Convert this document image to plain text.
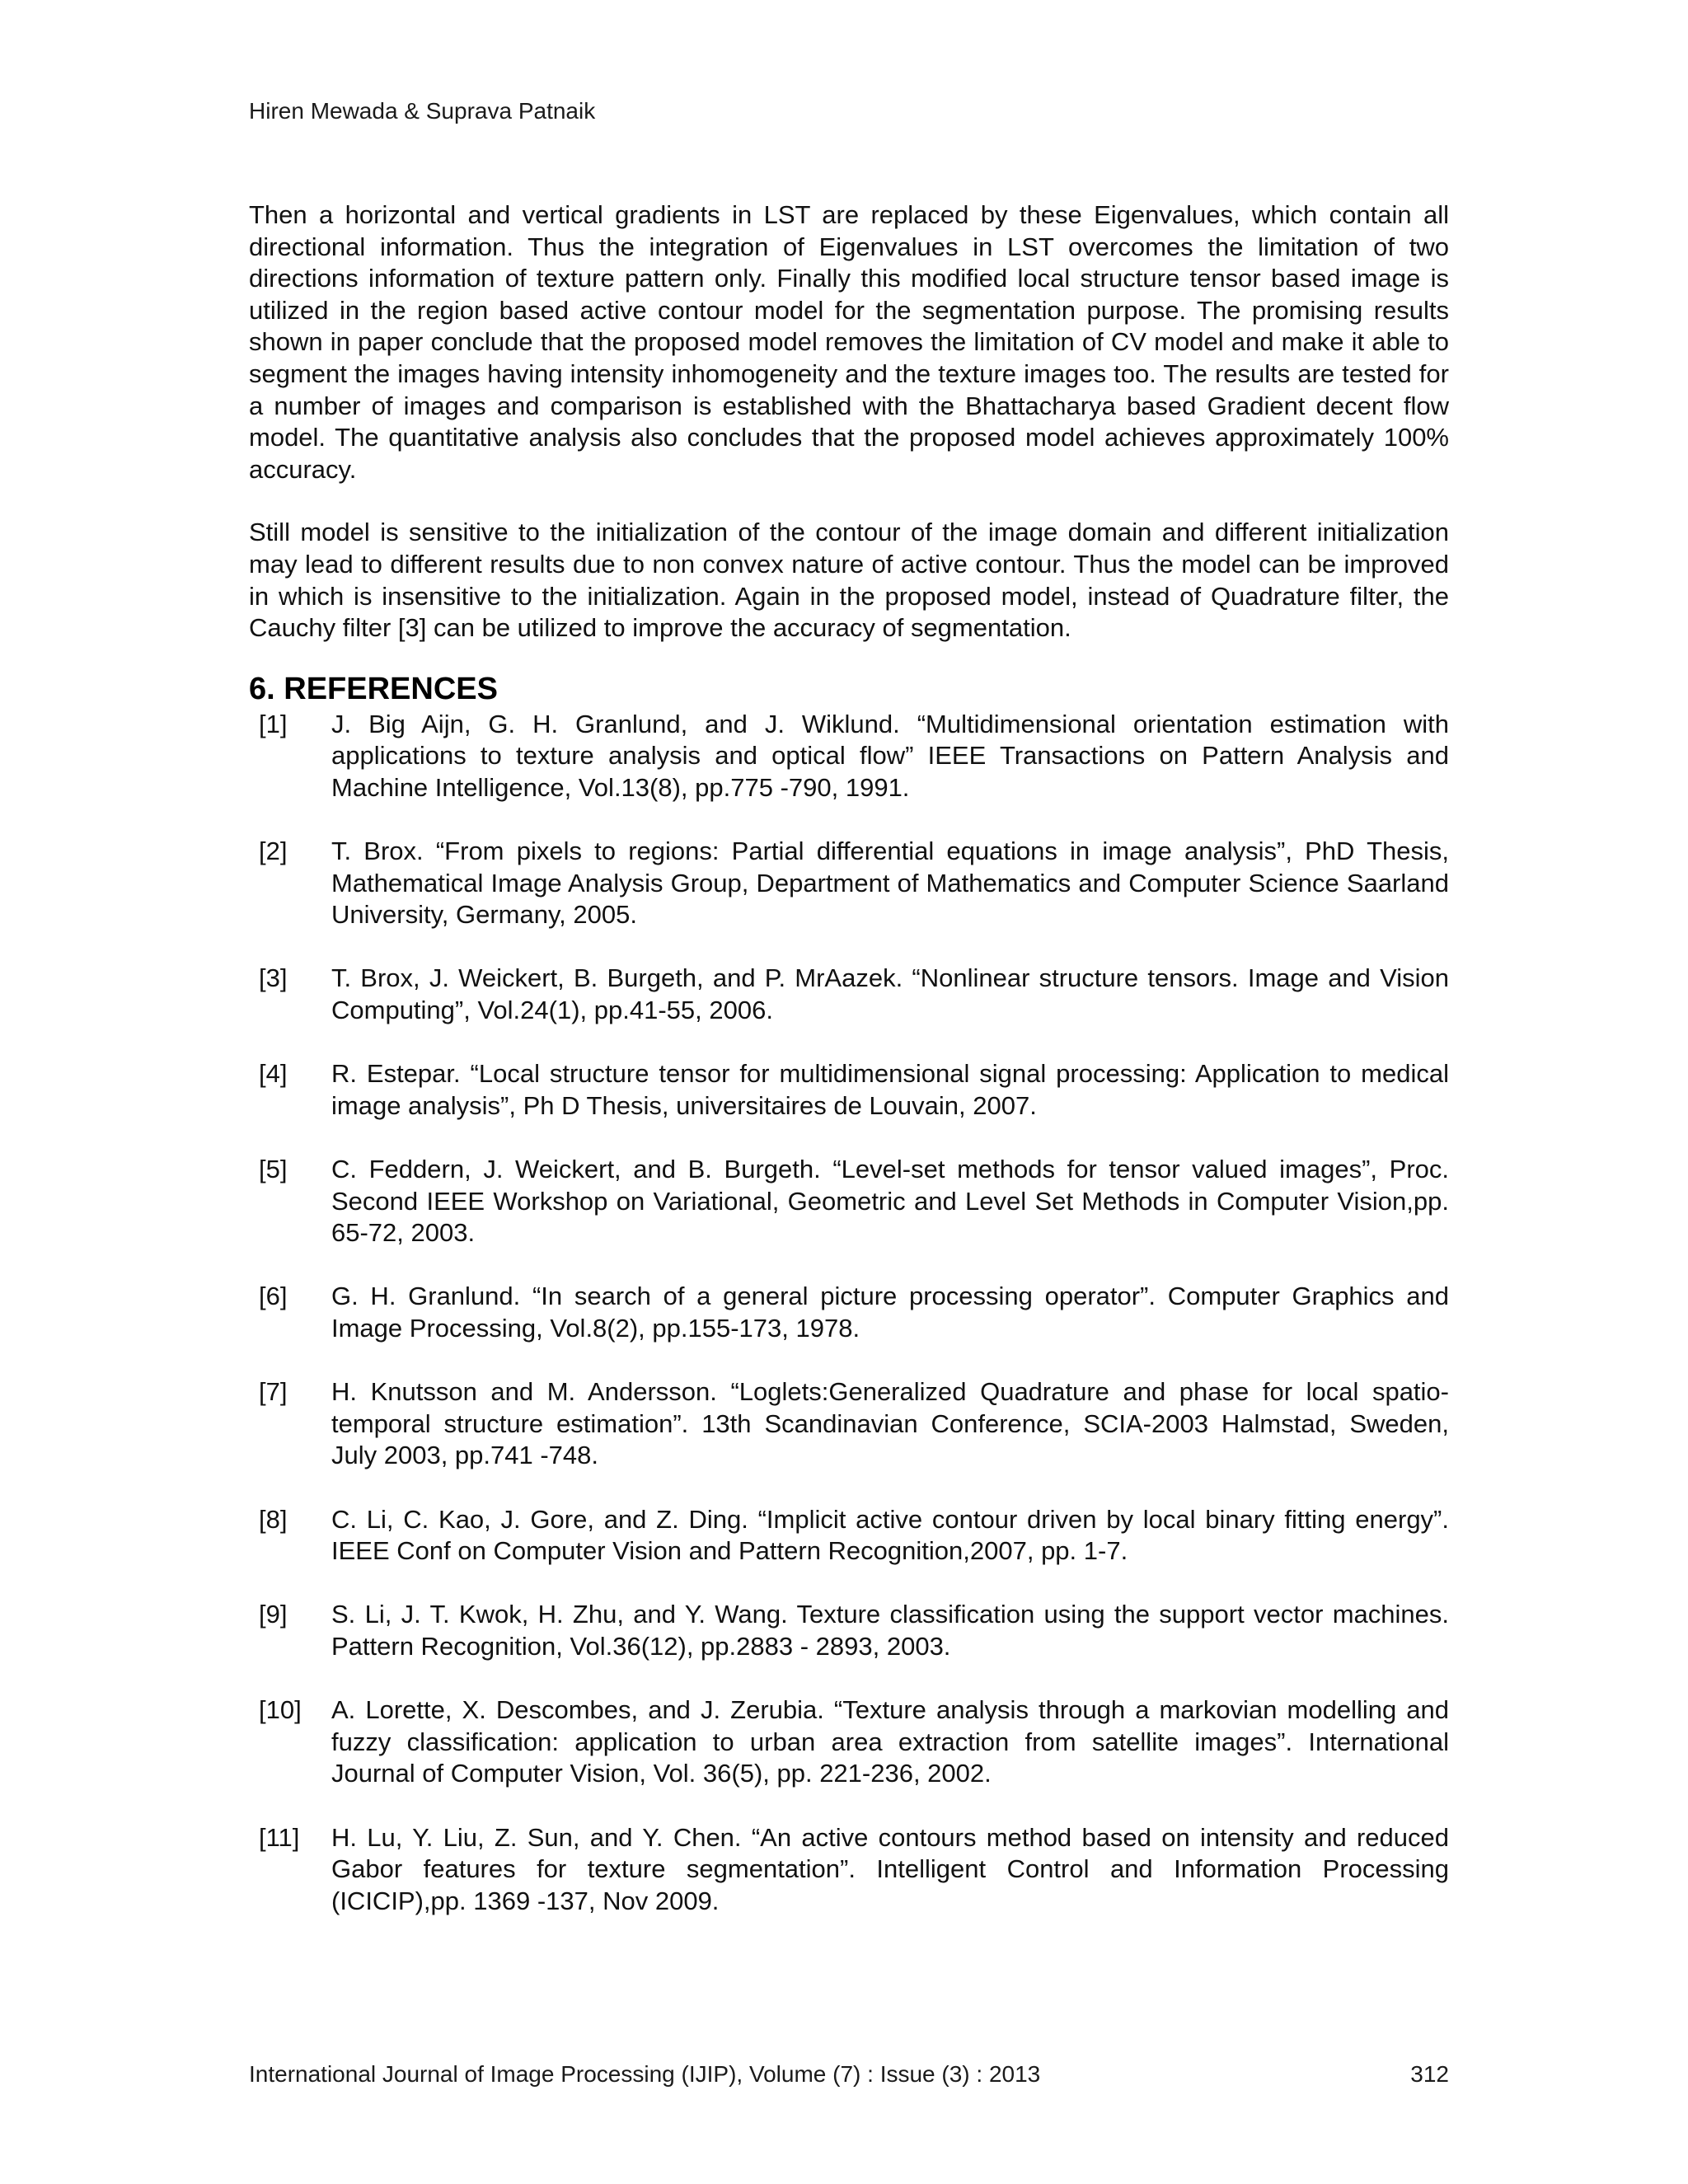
Hiren Mewada & Suprava Patnaik

Then a horizontal and vertical gradients in LST are replaced by these Eigenvalues, which contain all directional information. Thus the integration of Eigenvalues in LST overcomes the limitation of two directions information of texture pattern only. Finally this modified local structure tensor based image is utilized in the region based active contour model for the segmentation purpose. The promising results shown in paper conclude that the proposed model removes the limitation of CV model and make it able to segment the images having intensity inhomogeneity and the texture images too. The results are tested for a number of images and comparison is established with the Bhattacharya based Gradient decent flow model. The quantitative analysis also concludes that the proposed model achieves approximately 100% accuracy.

Still model is sensitive to the initialization of the contour of the image domain and different initialization may lead to different results due to non convex nature of active contour. Thus the model can be improved in which is insensitive to the initialization. Again in the proposed model, instead of Quadrature filter, the Cauchy filter [3] can be utilized to improve the accuracy of segmentation.

6. REFERENCES
[1]	J. Big Aijn, G. H. Granlund, and J. Wiklund. “Multidimensional orientation estimation with applications to texture analysis and optical flow” IEEE Transactions on Pattern Analysis and Machine Intelligence, Vol.13(8), pp.775 -790, 1991.
[2]	T. Brox. “From pixels to regions: Partial differential equations in image analysis”, PhD Thesis, Mathematical Image Analysis Group, Department of Mathematics and Computer Science Saarland University, Germany, 2005.
[3]	T. Brox, J. Weickert, B. Burgeth, and P. MrAazek. “Nonlinear structure tensors. Image and Vision Computing”, Vol.24(1), pp.41-55, 2006.
[4]	R. Estepar. “Local structure tensor for multidimensional signal processing: Application to medical image analysis”, Ph D Thesis, universitaires de Louvain, 2007.
[5]	C. Feddern, J. Weickert, and B. Burgeth. “Level-set methods for tensor valued images”, Proc. Second IEEE Workshop on Variational, Geometric and Level Set Methods in Computer Vision,pp. 65-72, 2003.
[6]	G. H. Granlund. “In search of a general picture processing operator”. Computer Graphics and Image Processing, Vol.8(2), pp.155-173, 1978.
[7]	H. Knutsson and M. Andersson. “Loglets:Generalized Quadrature and phase for local spatio-temporal structure estimation”. 13th Scandinavian Conference, SCIA-2003 Halmstad, Sweden, July 2003, pp.741 -748.
[8]	C. Li, C. Kao, J. Gore, and Z. Ding. “Implicit active contour driven by local binary fitting energy”. IEEE Conf on Computer Vision and Pattern Recognition,2007, pp. 1-7.
[9]	S. Li, J. T. Kwok, H. Zhu, and Y. Wang. Texture classification using the support vector machines. Pattern Recognition, Vol.36(12), pp.2883 - 2893, 2003.
[10]	A. Lorette, X. Descombes, and J. Zerubia. “Texture analysis through a markovian modelling and fuzzy classification: application to urban area extraction from satellite images”. International Journal of Computer Vision, Vol. 36(5), pp. 221-236, 2002.
[11]	H. Lu, Y. Liu, Z. Sun, and Y. Chen. “An active contours method based on intensity and reduced Gabor features for texture segmentation”. Intelligent Control and Information Processing (ICICIP),pp. 1369 -137, Nov 2009.
International Journal of Image Processing (IJIP), Volume (7) : Issue (3) : 2013	312
